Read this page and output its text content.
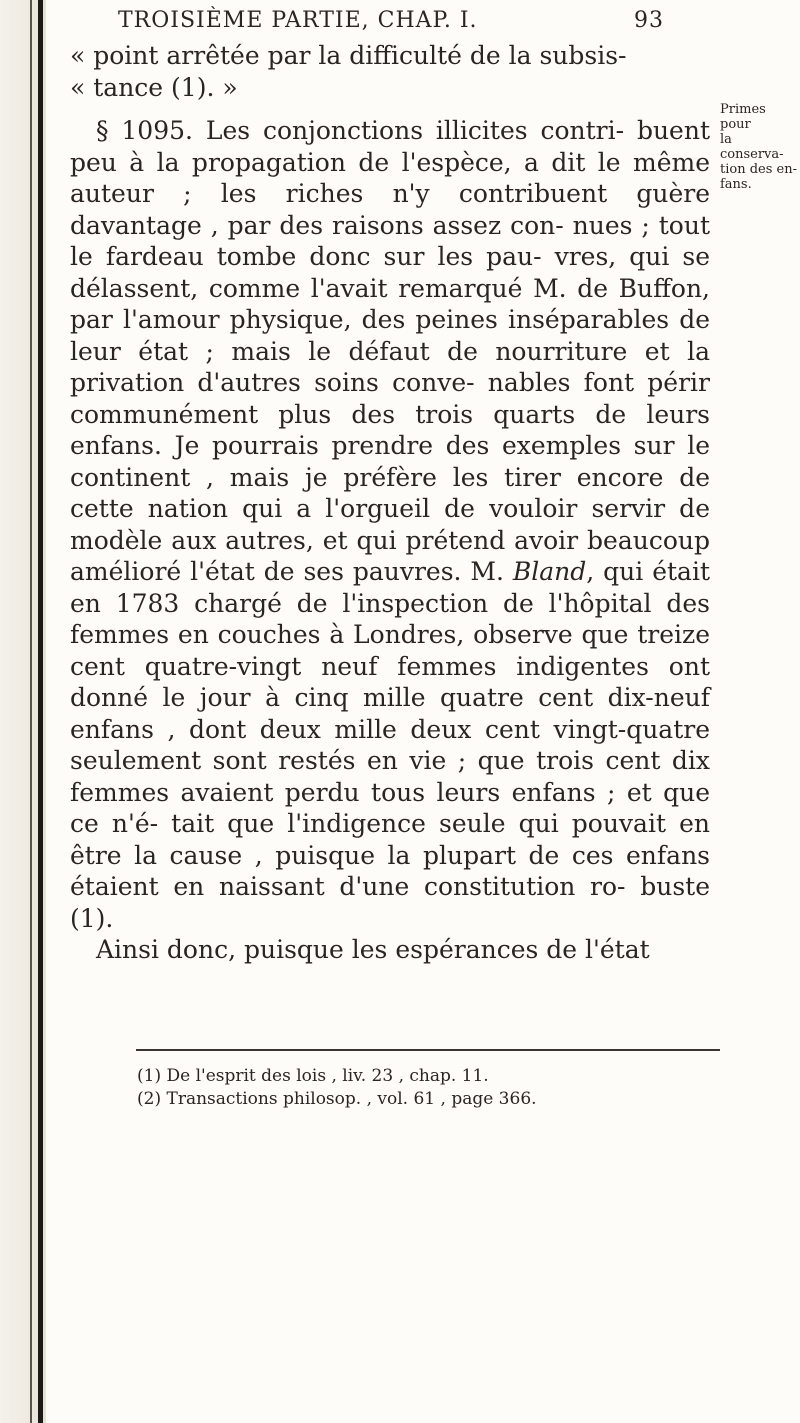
TROISIÈME PARTIE, CHAP. I.	93

« point arrêtée par la difficulté de la subsis-

« tance (1). »

§ 1095. Les conjonctions illicites contri- buent peu à la propagation de l'espèce, a dit le même auteur ; les riches n'y contribuent guère davantage , par des raisons assez con- nues ; tout le fardeau tombe donc sur les pau- vres, qui se délassent, comme l'avait remarqué M. de Buffon, par l'amour physique, des peines inséparables de leur état ; mais le défaut de nourriture et la privation d'autres soins conve- nables font périr communément plus des trois quarts de leurs enfans. Je pourrais prendre des exemples sur le continent , mais je préfère les tirer encore de cette nation qui a l'orgueil de vouloir servir de modèle aux autres, et qui prétend avoir beaucoup amélioré l'état de ses pauvres. M. Bland, qui était en 1783 chargé de l'inspection de l'hôpital des femmes en couches à Londres, observe que treize cent quatre-vingt neuf femmes indigentes ont donné le jour à cinq mille quatre cent dix-neuf enfans , dont deux mille deux cent vingt-quatre seulement sont restés en vie ; que trois cent dix femmes avaient perdu tous leurs enfans ; et que ce n'é- tait que l'indigence seule qui pouvait en être la cause , puisque la plupart de ces enfans étaient en naissant d'une constitution ro- buste (1).

Ainsi donc, puisque les espérances de l'état

Primes pour
la conserva-
tion des en-
fans.

(1) De l'esprit des lois , liv. 23 , chap. 11.

(2) Transactions philosop. , vol. 61 , page 366.
